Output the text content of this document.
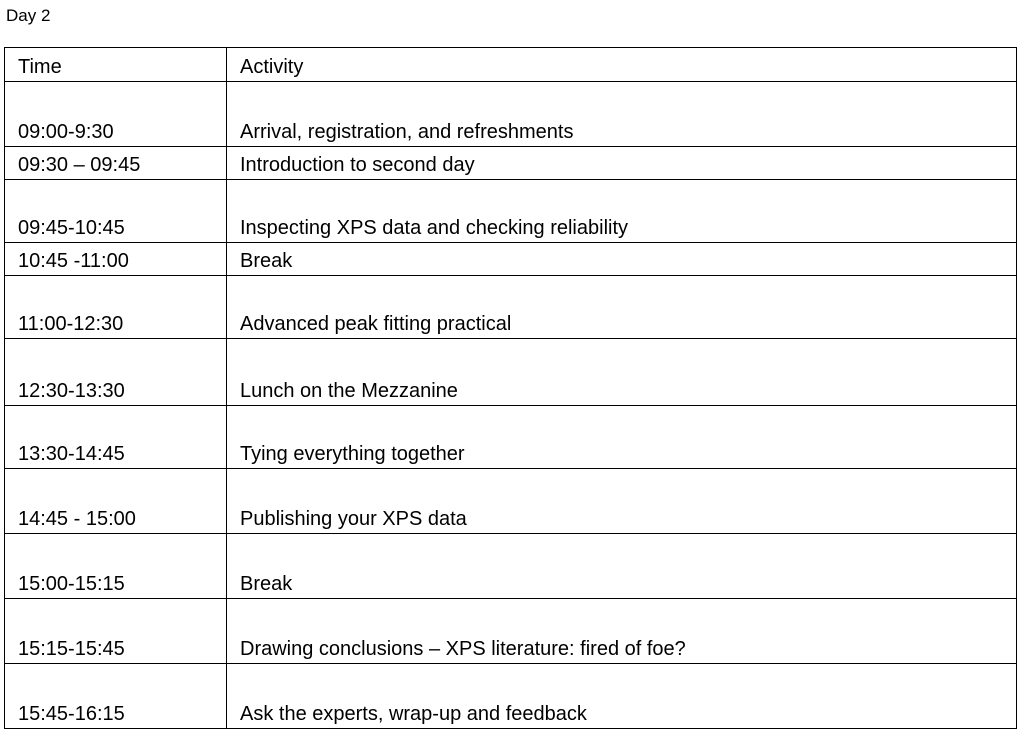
Day 2
Time	Activity
09:00-9:30	Arrival, registration, and refreshments
09:30 – 09:45	Introduction to second day
09:45-10:45	Inspecting XPS data and checking reliability
10:45 -11:00	Break
11:00-12:30	Advanced peak fitting practical
12:30-13:30	Lunch on the Mezzanine
13:30-14:45	Tying everything together
14:45 - 15:00	Publishing your XPS data
15:00-15:15	Break
15:15-15:45	Drawing conclusions – XPS literature: fired of foe?
15:45-16:15	Ask the experts, wrap-up and feedback
